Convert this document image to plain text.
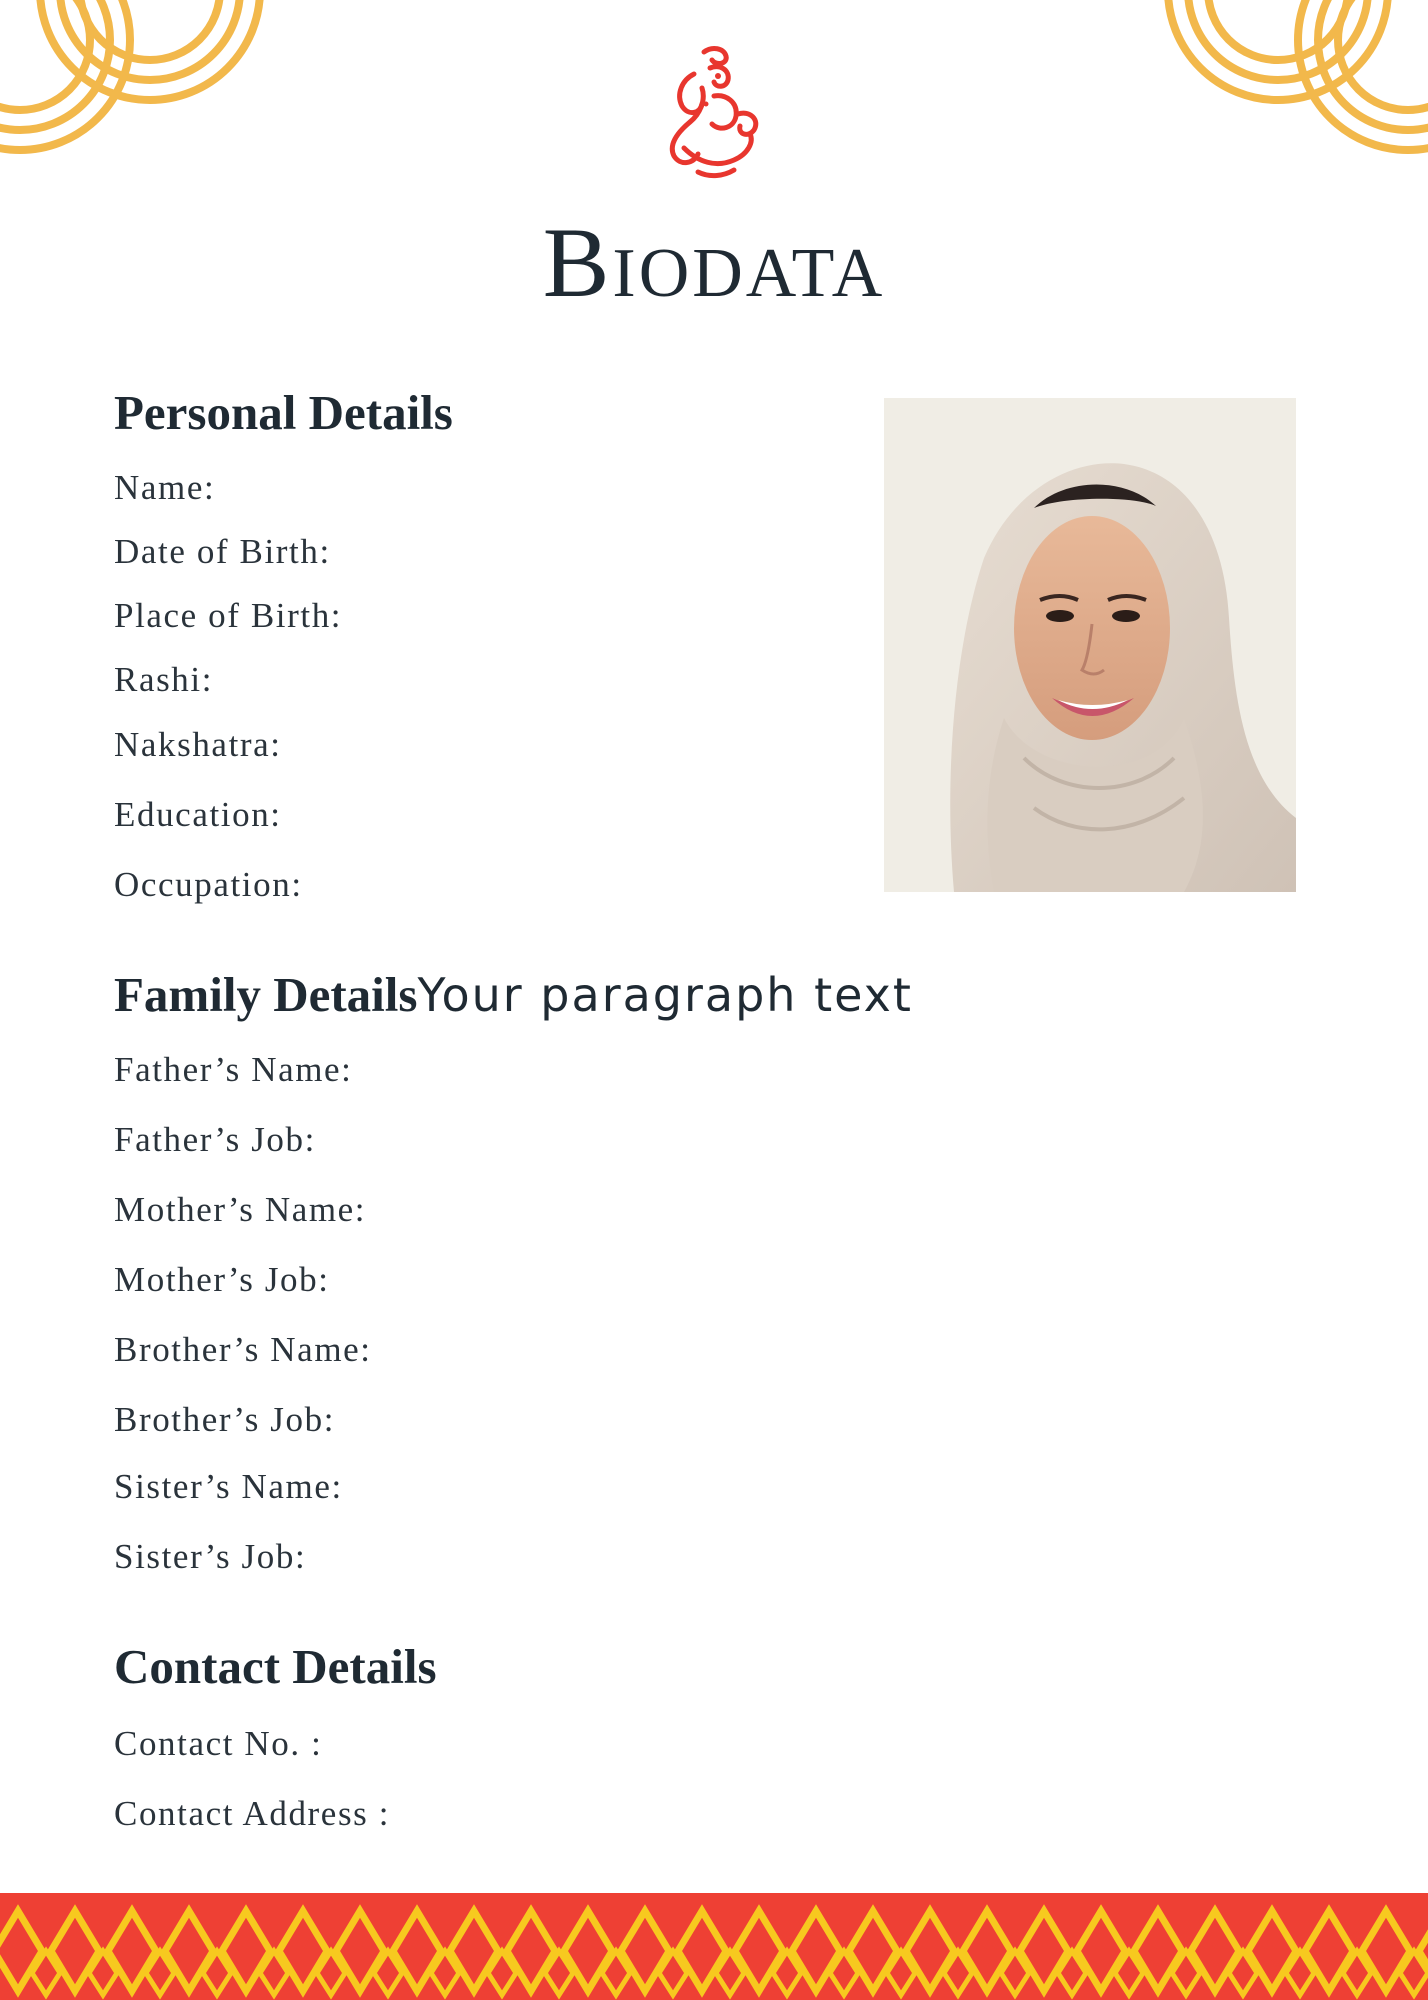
Biodata
Personal Details
Name:
Date of Birth:
Place of Birth:
Rashi:
Nakshatra:
Education:
Occupation:
Family DetailsYour paragraph text
Father’s Name:
Father’s Job:
Mother’s Name:
Mother’s Job:
Brother’s Name:
Brother’s Job:
Sister’s Name:
Sister’s Job:
Contact Details
Contact No. :
Contact Address :
